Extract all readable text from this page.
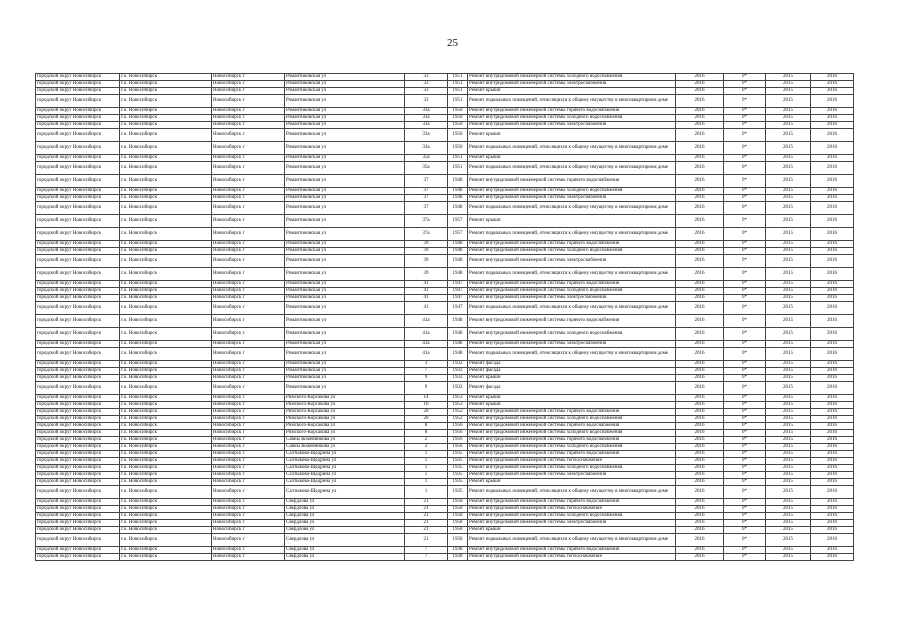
25
городской округ Новосибирск	г.о. Новосибирск	Новосибирск г	Романтиковская ул	33	1951	Ремонт внутридомовой инженерной системы холодного водоснабжения	2016	0*	2015	2016
городской округ Новосибирск	г.о. Новосибирск	Новосибирск г	Романтиковская ул	33	1951	Ремонт внутридомовой инженерной системы электроснабжения	2016	0*	2015	2016
городской округ Новосибирск	г.о. Новосибирск	Новосибирск г	Романтиковская ул	33	1951	Ремонт крыши	2016	0*	2015	2016
городской округ Новосибирск	г.о. Новосибирск	Новосибирск г	Романтиковская ул	33	1951	Ремонт подвальных помещений, относящихся к общему имуществу в многоквартирном доме	2016	0*	2015	2016
городской округ Новосибирск	г.о. Новосибирск	Новосибирск г	Романтиковская ул	33а	1950	Ремонт внутридомовой инженерной системы горячего водоснабжения	2016	0*	2015	2016
городской округ Новосибирск	г.о. Новосибирск	Новосибирск г	Романтиковская ул	33а	1950	Ремонт внутридомовой инженерной системы холодного водоснабжения	2016	0*	2015	2016
городской округ Новосибирск	г.о. Новосибирск	Новосибирск г	Романтиковская ул	33а	1950	Ремонт внутридомовой инженерной системы электроснабжения	2016	0*	2015	2016
городской округ Новосибирск	г.о. Новосибирск	Новосибирск г	Романтиковская ул	33а	1950	Ремонт крыши	2016	0*	2015	2016
городской округ Новосибирск	г.о. Новосибирск	Новосибирск г	Романтиковская ул	33а	1950	Ремонт подвальных помещений, относящихся к общему имуществу в многоквартирном доме	2016	0*	2015	2016
городской округ Новосибирск	г.о. Новосибирск	Новосибирск г	Романтиковская ул	35а	1951	Ремонт крыши	2016	0*	2015	2016
городской округ Новосибирск	г.о. Новосибирск	Новосибирск г	Романтиковская ул	35а	1951	Ремонт подвальных помещений, относящихся к общему имуществу в многоквартирном доме	2016	0*	2015	2016
городской округ Новосибирск	г.о. Новосибирск	Новосибирск г	Романтиковская ул	37	1948	Ремонт внутридомовой инженерной системы горячего водоснабжения	2016	0*	2015	2016
городской округ Новосибирск	г.о. Новосибирск	Новосибирск г	Романтиковская ул	37	1948	Ремонт внутридомовой инженерной системы холодного водоснабжения	2016	0*	2015	2016
городской округ Новосибирск	г.о. Новосибирск	Новосибирск г	Романтиковская ул	37	1948	Ремонт внутридомовой инженерной системы электроснабжения	2016	0*	2015	2016
городской округ Новосибирск	г.о. Новосибирск	Новосибирск г	Романтиковская ул	37	1948	Ремонт подвальных помещений, относящихся к общему имуществу в многоквартирном доме	2016	0*	2015	2016
городской округ Новосибирск	г.о. Новосибирск	Новосибирск г	Романтиковская ул	37а	1957	Ремонт крыши	2016	0*	2015	2016
городской округ Новосибирск	г.о. Новосибирск	Новосибирск г	Романтиковская ул	37а	1957	Ремонт подвальных помещений, относящихся к общему имуществу в многоквартирном доме	2016	0*	2015	2016
городской округ Новосибирск	г.о. Новосибирск	Новосибирск г	Романтиковская ул	39	1948	Ремонт внутридомовой инженерной системы горячего водоснабжения	2016	0*	2015	2016
городской округ Новосибирск	г.о. Новосибирск	Новосибирск г	Романтиковская ул	39	1948	Ремонт внутридомовой инженерной системы холодного водоснабжения	2016	0*	2015	2016
городской округ Новосибирск	г.о. Новосибирск	Новосибирск г	Романтиковская ул	39	1948	Ремонт внутридомовой инженерной системы электроснабжения	2016	0*	2015	2016
городской округ Новосибирск	г.о. Новосибирск	Новосибирск г	Романтиковская ул	39	1948	Ремонт подвальных помещений, относящихся к общему имуществу в многоквартирном доме	2016	0*	2015	2016
городской округ Новосибирск	г.о. Новосибирск	Новосибирск г	Романтиковская ул	41	1947	Ремонт внутридомовой инженерной системы горячего водоснабжения	2016	0*	2015	2016
городской округ Новосибирск	г.о. Новосибирск	Новосибирск г	Романтиковская ул	41	1947	Ремонт внутридомовой инженерной системы холодного водоснабжения	2016	0*	2015	2016
городской округ Новосибирск	г.о. Новосибирск	Новосибирск г	Романтиковская ул	41	1947	Ремонт внутридомовой инженерной системы электроснабжения	2016	0*	2015	2016
городской округ Новосибирск	г.о. Новосибирск	Новосибирск г	Романтиковская ул	41	1947	Ремонт подвальных помещений, относящихся к общему имуществу в многоквартирном доме	2016	0*	2015	2016
городской округ Новосибирск	г.о. Новосибирск	Новосибирск г	Романтиковская ул	41а	1948	Ремонт внутридомовой инженерной системы горячего водоснабжения	2016	0*	2015	2016
городской округ Новосибирск	г.о. Новосибирск	Новосибирск г	Романтиковская ул	41а	1948	Ремонт внутридомовой инженерной системы холодного водоснабжения	2016	0*	2015	2016
городской округ Новосибирск	г.о. Новосибирск	Новосибирск г	Романтиковская ул	41а	1948	Ремонт внутридомовой инженерной системы электроснабжения	2016	0*	2015	2016
городской округ Новосибирск	г.о. Новосибирск	Новосибирск г	Романтиковская ул	41а	1948	Ремонт подвальных помещений, относящихся к общему имуществу в многоквартирном доме	2016	0*	2015	2016
городской округ Новосибирск	г.о. Новосибирск	Новосибирск г	Романтиковская ул	3	1932	Ремонт фасада	2016	0*	2015	2016
городской округ Новосибирск	г.о. Новосибирск	Новосибирск г	Романтиковская ул	7	1932	Ремонт фасада	2016	0*	2015	2016
городской округ Новосибирск	г.о. Новосибирск	Новосибирск г	Романтиковская ул	9	1932	Ремонт крыши	2016	0*	2015	2016
городской округ Новосибирск	г.о. Новосибирск	Новосибирск г	Романтиковская ул	9	1932	Ремонт фасада	2016	0*	2015	2016
городской округ Новосибирск	г.о. Новосибирск	Новосибирск г	Римского-Корсакова ул	14	1953	Ремонт крыши	2016	0*	2015	2016
городской округ Новосибирск	г.о. Новосибирск	Новосибирск г	Римского-Корсакова ул	16	1953	Ремонт крыши	2016	0*	2015	2016
городской округ Новосибирск	г.о. Новосибирск	Новосибирск г	Римского-Корсакова ул	20	1952	Ремонт внутридомовой инженерной системы горячего водоснабжения	2016	0*	2015	2016
городской округ Новосибирск	г.о. Новосибирск	Новосибирск г	Римского-Корсакова ул	20	1952	Ремонт внутридомовой инженерной системы холодного водоснабжения	2016	0*	2015	2016
городской округ Новосибирск	г.о. Новосибирск	Новосибирск г	Римского-Корсакова ул	8	1956	Ремонт внутридомовой инженерной системы горячего водоснабжения	2016	0*	2015	2016
городской округ Новосибирск	г.о. Новосибирск	Новосибирск г	Римского-Корсакова ул	8	1956	Ремонт внутридомовой инженерной системы холодного водоснабжения	2016	0*	2015	2016
городской округ Новосибирск	г.о. Новосибирск	Новосибирск г	Савиы Кожевникова ул	2	1956	Ремонт внутридомовой инженерной системы горячего водоснабжения	2016	0*	2015	2016
городской округ Новосибирск	г.о. Новосибирск	Новосибирск г	Савиы Кожевникова ул	2	1956	Ремонт внутридомовой инженерной системы холодного водоснабжения	2016	0*	2015	2016
городской округ Новосибирск	г.о. Новосибирск	Новосибирск г	Салтыкова-Щедрина ул	1	1935	Ремонт внутридомовой инженерной системы горячего водоснабжения	2016	0*	2015	2016
городской округ Новосибирск	г.о. Новосибирск	Новосибирск г	Салтыкова-Щедрина ул	1	1935	Ремонт внутридомовой инженерной системы теплоснабжения	2016	0*	2015	2016
городской округ Новосибирск	г.о. Новосибирск	Новосибирск г	Салтыкова-Щедрина ул	1	1935	Ремонт внутридомовой инженерной системы холодного водоснабжения	2016	0*	2015	2016
городской округ Новосибирск	г.о. Новосибирск	Новосибирск г	Салтыкова-Щедрина ул	1	1935	Ремонт внутридомовой инженерной системы электроснабжения	2016	0*	2015	2016
городской округ Новосибирск	г.о. Новосибирск	Новосибирск г	Салтыкова-Щедрина ул	1	1935	Ремонт крыши	2016	0*	2015	2016
городской округ Новосибирск	г.о. Новосибирск	Новосибирск г	Салтыкова-Щедрина ул	1	1935	Ремонт подвальных помещений, относящихся к общему имуществу в многоквартирном доме	2016	0*	2015	2016
городской округ Новосибирск	г.о. Новосибирск	Новосибирск г	Свердлова ул	21	1958	Ремонт внутридомовой инженерной системы горячего водоснабжения	2016	0*	2015	2016
городской округ Новосибирск	г.о. Новосибирск	Новосибирск г	Свердлова ул	21	1958	Ремонт внутридомовой инженерной системы теплоснабжения	2016	0*	2015	2016
городской округ Новосибирск	г.о. Новосибирск	Новосибирск г	Свердлова ул	21	1958	Ремонт внутридомовой инженерной системы холодного водоснабжения	2016	0*	2015	2016
городской округ Новосибирск	г.о. Новосибирск	Новосибирск г	Свердлова ул	21	1958	Ремонт внутридомовой инженерной системы электроснабжения	2016	0*	2015	2016
городской округ Новосибирск	г.о. Новосибирск	Новосибирск г	Свердлова ул	21	1958	Ремонт крыши	2016	0*	2015	2016
городской округ Новосибирск	г.о. Новосибирск	Новосибирск г	Свердлова ул	21	1958	Ремонт подвальных помещений, относящихся к общему имуществу в многоквартирном доме	2016	0*	2015	2016
городской округ Новосибирск	г.о. Новосибирск	Новосибирск г	Свердлова ул	7	1938	Ремонт внутридомовой инженерной системы горячего водоснабжения	2016	0*	2015	2016
городской округ Новосибирск	г.о. Новосибирск	Новосибирск г	Свердлова ул	7	1938	Ремонт внутридомовой инженерной системы теплоснабжения	2016	0*	2015	2016
